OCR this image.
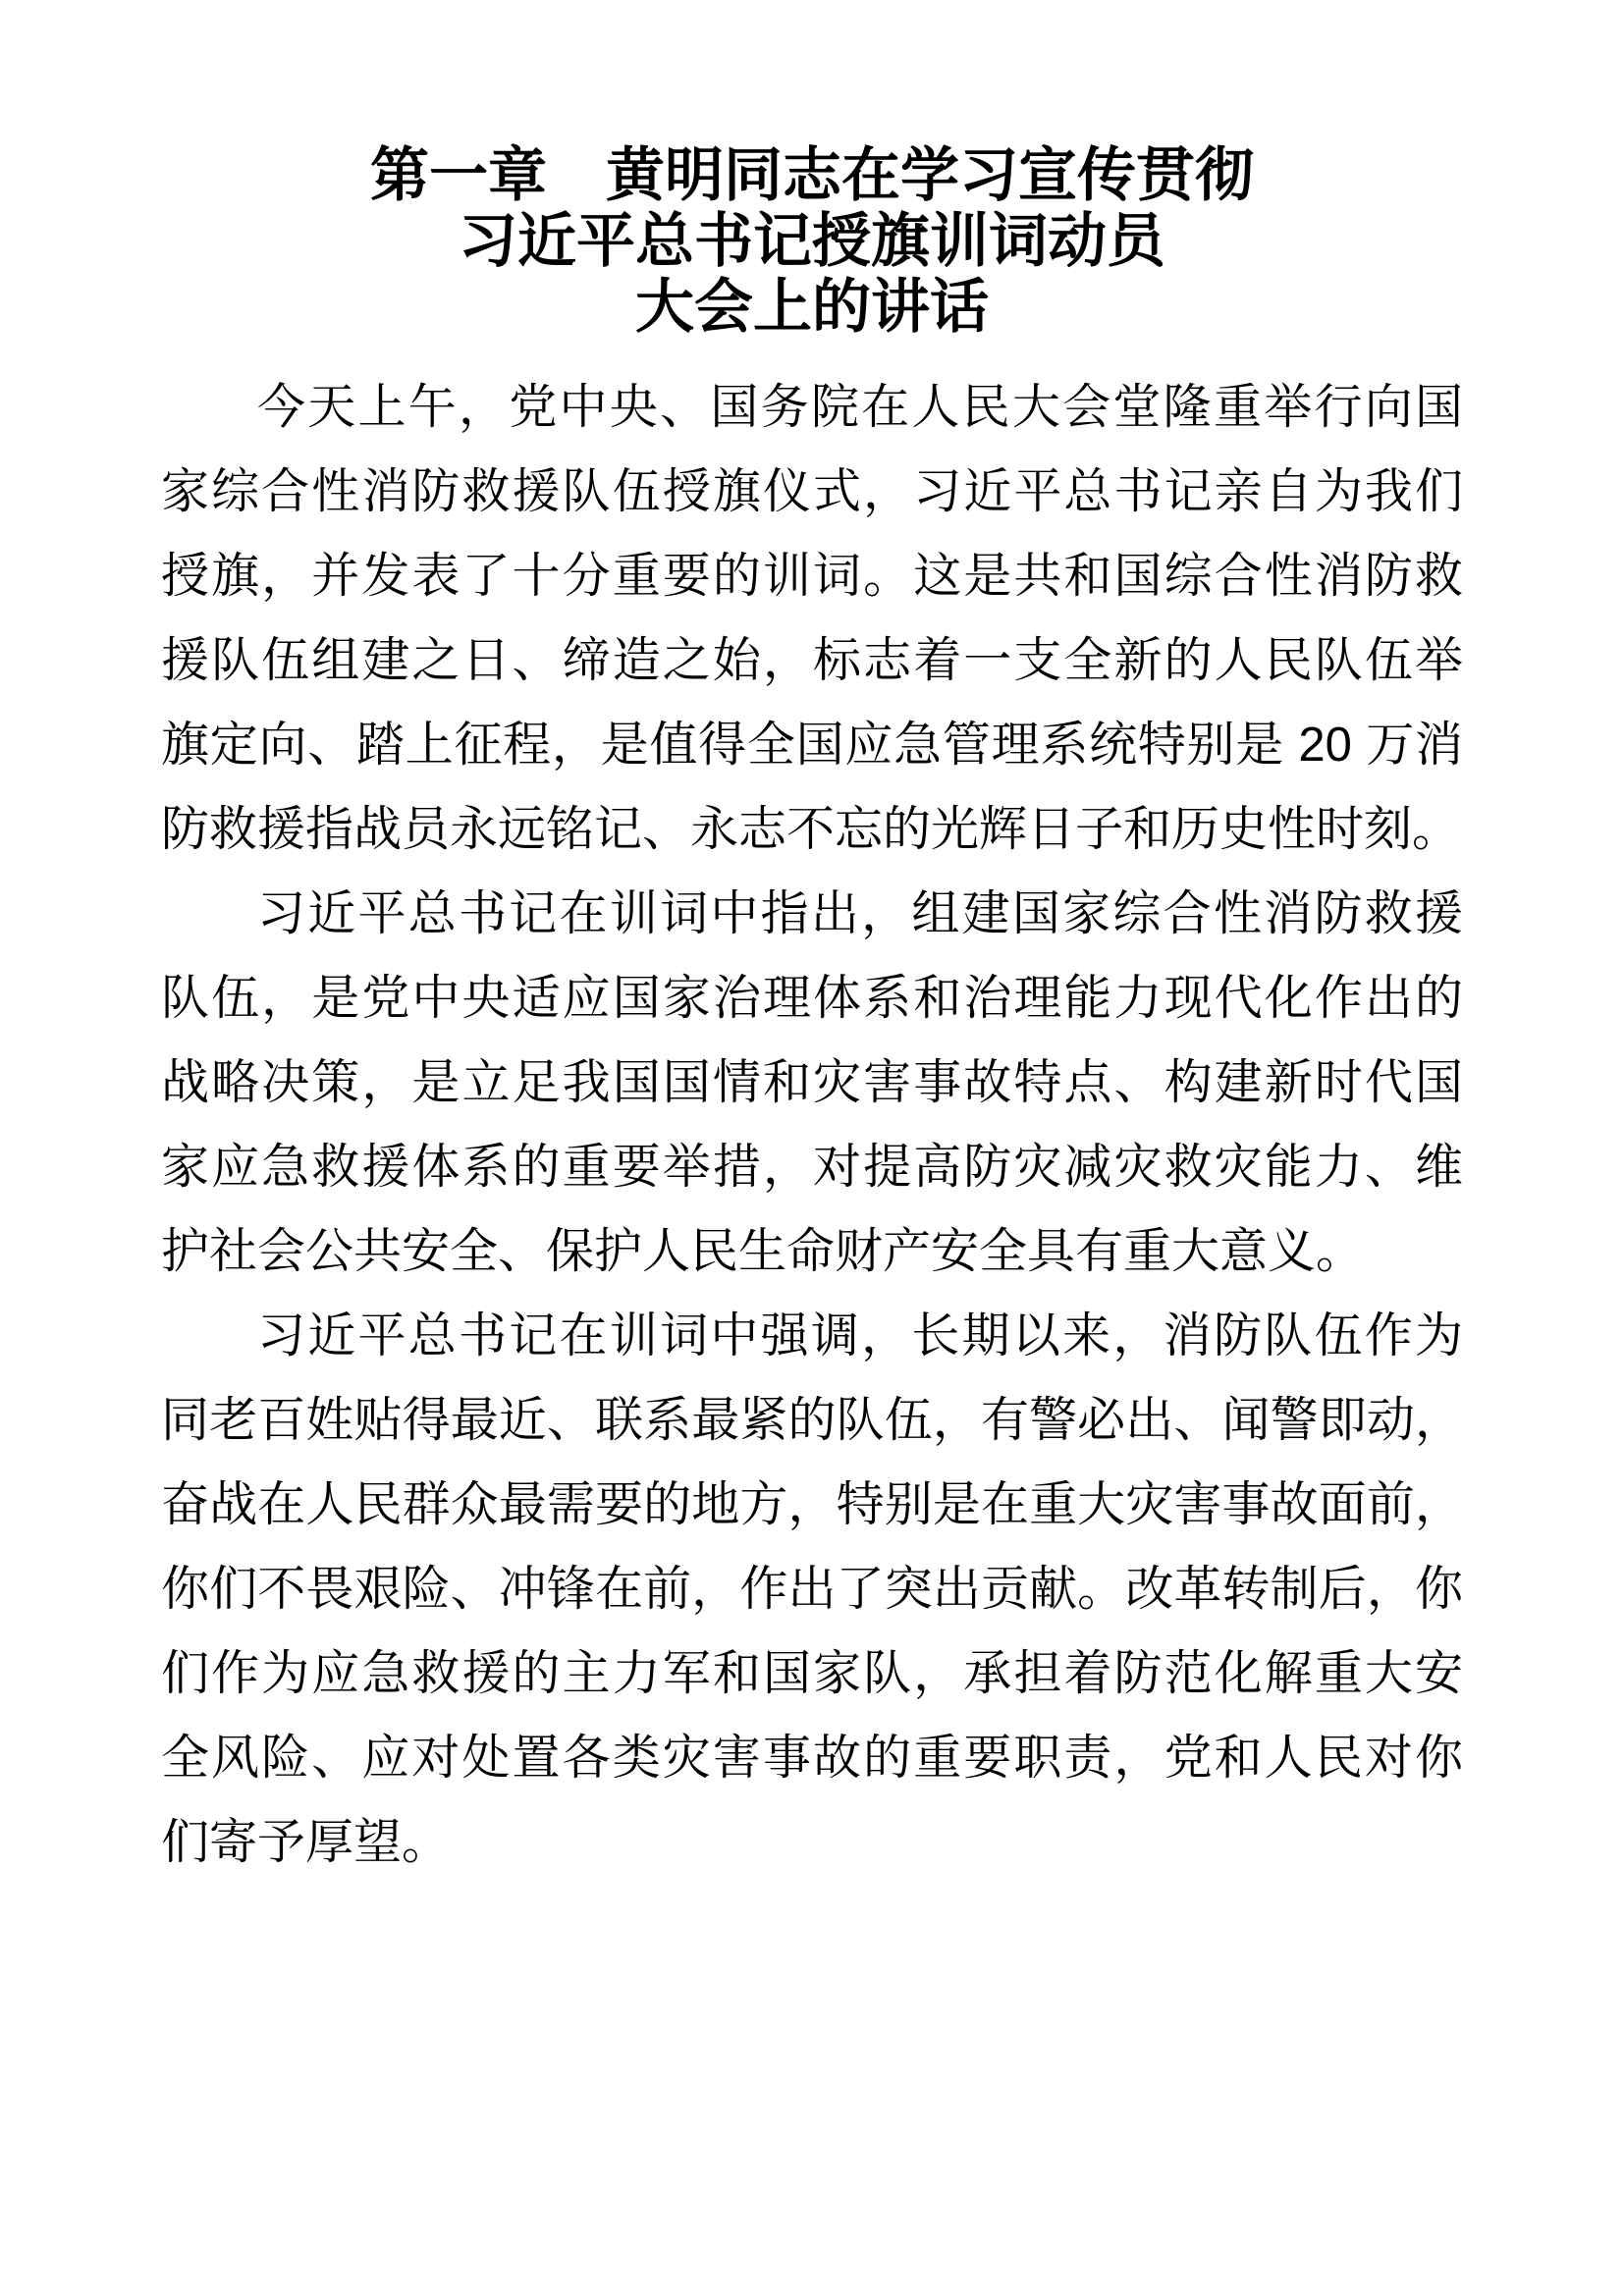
第一章　黄明同志在学习宣传贯彻
习近平总书记授旗训词动员
大会上的讲话
今天上午，党中央、国务院在人民大会堂隆重举行向国
家综合性消防救援队伍授旗仪式，习近平总书记亲自为我们
授旗，并发表了十分重要的训词。这是共和国综合性消防救
援队伍组建之日、缔造之始，标志着一支全新的人民队伍举
旗定向、踏上征程，是值得全国应急管理系统特别是 20 万消
防救援指战员永远铭记、永志不忘的光辉日子和历史性时刻。
习近平总书记在训词中指出，组建国家综合性消防救援
队伍，是党中央适应国家治理体系和治理能力现代化作出的
战略决策，是立足我国国情和灾害事故特点、构建新时代国
家应急救援体系的重要举措，对提高防灾减灾救灾能力、维
护社会公共安全、保护人民生命财产安全具有重大意义。
习近平总书记在训词中强调，长期以来，消防队伍作为
同老百姓贴得最近、联系最紧的队伍，有警必出、闻警即动，
奋战在人民群众最需要的地方，特别是在重大灾害事故面前，
你们不畏艰险、冲锋在前，作出了突出贡献。改革转制后，你
们作为应急救援的主力军和国家队，承担着防范化解重大安
全风险、应对处置各类灾害事故的重要职责，党和人民对你
们寄予厚望。
